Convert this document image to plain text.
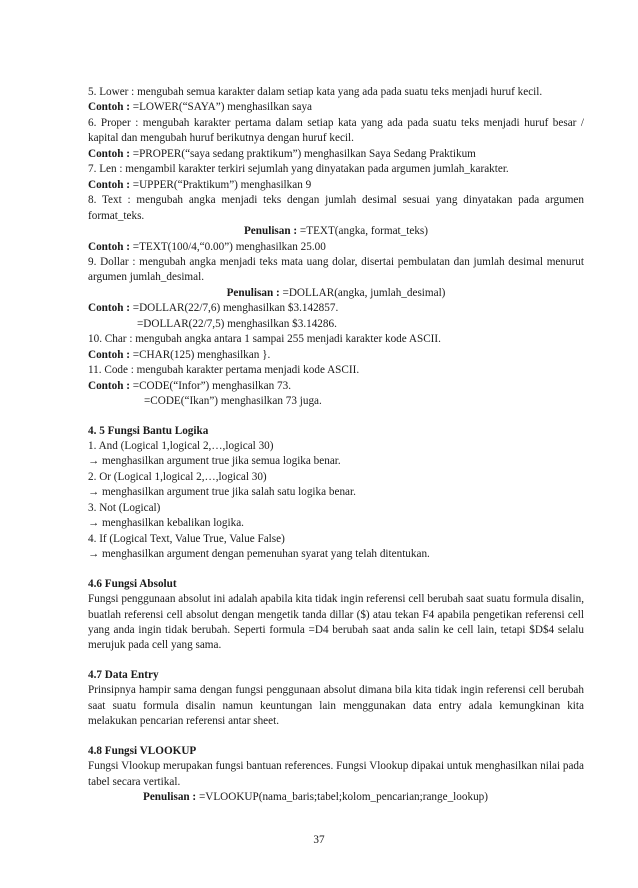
5. Lower : mengubah semua karakter dalam setiap kata yang ada pada suatu teks menjadi huruf kecil.

Contoh : =LOWER(“SAYA”) menghasilkan saya

6. Proper : mengubah karakter pertama dalam setiap kata yang ada pada suatu teks menjadi huruf besar / kapital dan mengubah huruf berikutnya dengan huruf kecil.

Contoh : =PROPER(“saya sedang praktikum”) menghasilkan Saya Sedang Praktikum

7. Len : mengambil karakter terkiri sejumlah yang dinyatakan pada argumen jumlah_karakter.

Contoh : =UPPER(“Praktikum”) menghasilkan 9

8. Text : mengubah angka menjadi teks dengan jumlah desimal sesuai yang dinyatakan pada argumen format_teks.

Penulisan : =TEXT(angka, format_teks)

Contoh : =TEXT(100/4,“0.00”) menghasilkan 25.00

9. Dollar : mengubah angka menjadi teks mata uang dolar, disertai pembulatan dan jumlah desimal menurut argumen jumlah_desimal.

Penulisan : =DOLLAR(angka, jumlah_desimal)

Contoh : =DOLLAR(22/7,6) menghasilkan $3.142857.

=DOLLAR(22/7,5) menghasilkan $3.14286.

10. Char : mengubah angka antara 1 sampai 255 menjadi karakter kode ASCII.

Contoh : =CHAR(125) menghasilkan }.

11. Code : mengubah karakter pertama menjadi kode ASCII.

Contoh : =CODE(“Infor”) menghasilkan 73.

=CODE(“Ikan”) menghasilkan 73 juga.

4. 5 Fungsi Bantu Logika

1. And (Logical 1,logical 2,…,logical 30)

→ menghasilkan argument true jika semua logika benar.

2. Or (Logical 1,logical 2,…,logical 30)

→ menghasilkan argument true jika salah satu logika benar.

3. Not (Logical)

→ menghasilkan kebalikan logika.

4. If (Logical Text, Value True, Value False)

→ menghasilkan argument dengan pemenuhan syarat yang telah ditentukan.

4.6 Fungsi Absolut

Fungsi penggunaan absolut ini adalah apabila kita tidak ingin referensi cell berubah saat suatu formula disalin, buatlah referensi cell absolut dengan mengetik tanda dillar ($) atau tekan F4 apabila pengetikan referensi cell yang anda ingin tidak berubah. Seperti formula =D4 berubah saat anda salin ke cell lain, tetapi $D$4 selalu merujuk pada cell yang sama.

4.7 Data Entry

Prinsipnya hampir sama dengan fungsi penggunaan absolut dimana bila kita tidak ingin referensi cell berubah saat suatu formula disalin namun keuntungan lain menggunakan data entry adala kemungkinan kita melakukan pencarian referensi antar sheet.

4.8 Fungsi VLOOKUP

Fungsi Vlookup merupakan fungsi bantuan references. Fungsi Vlookup dipakai untuk menghasilkan nilai pada tabel secara vertikal.

Penulisan : =VLOOKUP(nama_baris;tabel;kolom_pencarian;range_lookup)

37
